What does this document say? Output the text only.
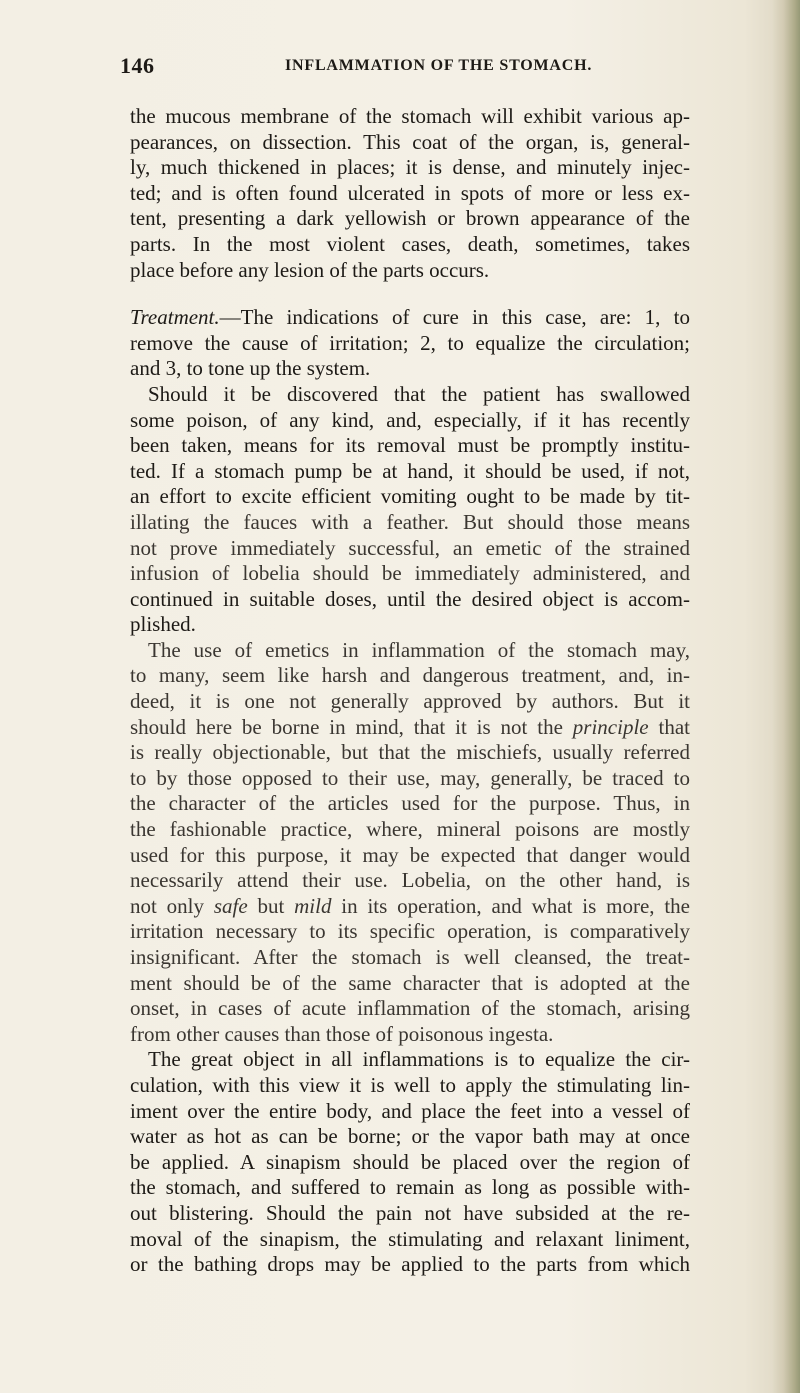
146	INFLAMMATION OF THE STOMACH.
the mucous membrane of the stomach will exhibit various ap-
pearances, on dissection. This coat of the organ, is, general-
ly, much thickened in places; it is dense, and minutely injec-
ted; and is often found ulcerated in spots of more or less ex-
tent, presenting a dark yellowish or brown appearance of the
parts. In the most violent cases, death, sometimes, takes
place before any lesion of the parts occurs.
Treatment.—The indications of cure in this case, are: 1, to
remove the cause of irritation; 2, to equalize the circulation;
and 3, to tone up the system.
Should it be discovered that the patient has swallowed
some poison, of any kind, and, especially, if it has recently
been taken, means for its removal must be promptly institu-
ted. If a stomach pump be at hand, it should be used, if not,
an effort to excite efficient vomiting ought to be made by tit-
illating the fauces with a feather. But should those means
not prove immediately successful, an emetic of the strained
infusion of lobelia should be immediately administered, and
continued in suitable doses, until the desired object is accom-
plished.
The use of emetics in inflammation of the stomach may,
to many, seem like harsh and dangerous treatment, and, in-
deed, it is one not generally approved by authors. But it
should here be borne in mind, that it is not the principle that
is really objectionable, but that the mischiefs, usually referred
to by those opposed to their use, may, generally, be traced to
the character of the articles used for the purpose. Thus, in
the fashionable practice, where, mineral poisons are mostly
used for this purpose, it may be expected that danger would
necessarily attend their use. Lobelia, on the other hand, is
not only safe but mild in its operation, and what is more, the
irritation necessary to its specific operation, is comparatively
insignificant. After the stomach is well cleansed, the treat-
ment should be of the same character that is adopted at the
onset, in cases of acute inflammation of the stomach, arising
from other causes than those of poisonous ingesta.
The great object in all inflammations is to equalize the cir-
culation, with this view it is well to apply the stimulating lin-
iment over the entire body, and place the feet into a vessel of
water as hot as can be borne; or the vapor bath may at once
be applied. A sinapism should be placed over the region of
the stomach, and suffered to remain as long as possible with-
out blistering. Should the pain not have subsided at the re-
moval of the sinapism, the stimulating and relaxant liniment,
or the bathing drops may be applied to the parts from which
